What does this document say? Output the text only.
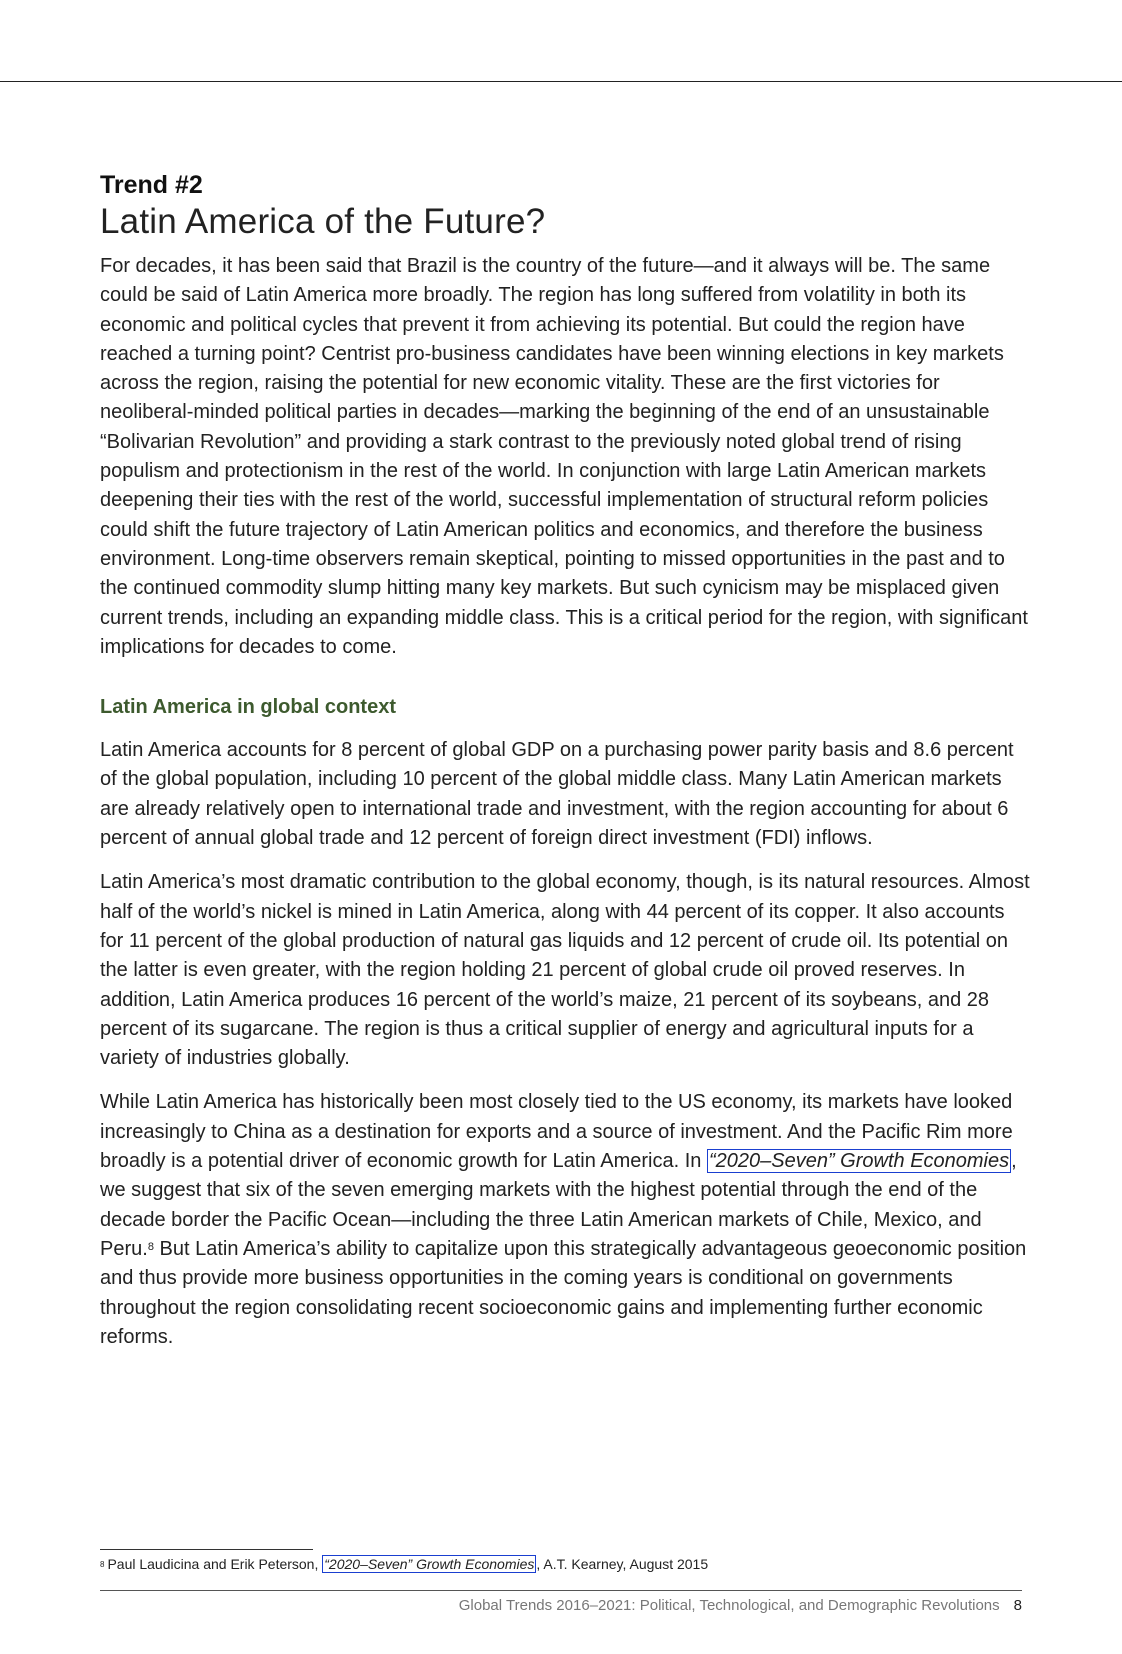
Trend #2
Latin America of the Future?

For decades, it has been said that Brazil is the country of the future—and it always will be. The same could be said of Latin America more broadly. The region has long suffered from volatility in both its economic and political cycles that prevent it from achieving its potential. But could the region have reached a turning point? Centrist pro-business candidates have been winning elections in key markets across the region, raising the potential for new economic vitality. These are the first victories for neoliberal-minded political parties in decades—marking the beginning of the end of an unsustainable “Bolivarian Revolution” and providing a stark contrast to the previously noted global trend of rising populism and protectionism in the rest of the world. In conjunction with large Latin American markets deepening their ties with the rest of the world, successful implementation of structural reform policies could shift the future trajectory of Latin American politics and economics, and therefore the business environment. Long-time observers remain skeptical, pointing to missed opportunities in the past and to the continued commodity slump hitting many key markets. But such cynicism may be misplaced given current trends, including an expanding middle class. This is a critical period for the region, with significant implications for decades to come.

Latin America in global context

Latin America accounts for 8 percent of global GDP on a purchasing power parity basis and 8.6 percent of the global population, including 10 percent of the global middle class. Many Latin American markets are already relatively open to international trade and investment, with the region accounting for about 6 percent of annual global trade and 12 percent of foreign direct investment (FDI) inflows.

Latin America’s most dramatic contribution to the global economy, though, is its natural resources. Almost half of the world’s nickel is mined in Latin America, along with 44 percent of its copper. It also accounts for 11 percent of the global production of natural gas liquids and 12 percent of crude oil. Its potential on the latter is even greater, with the region holding 21 percent of global crude oil proved reserves. In addition, Latin America produces 16 percent of the world’s maize, 21 percent of its soybeans, and 28 percent of its sugarcane. The region is thus a critical supplier of energy and agricultural inputs for a variety of industries globally.

While Latin America has historically been most closely tied to the US economy, its markets have looked increasingly to China as a destination for exports and a source of investment. And the Pacific Rim more broadly is a potential driver of economic growth for Latin America. In “2020–Seven” Growth Economies , we suggest that six of the seven emerging markets with the highest potential through the end of the decade border the Pacific Ocean—including the three Latin American markets of Chile, Mexico, and Peru.$^8$ But Latin America’s ability to capitalize upon this strategically advantageous geoeconomic position and thus provide more business opportunities in the coming years is conditional on governments throughout the region consolidating recent socioeconomic gains and implementing further economic reforms.

$^8$ Paul Laudicina and Erik Peterson, “2020–Seven” Growth Economies , A.T. Kearney, August 2015
Global Trends 2016–2021: Political, Technological, and Demographic Revolutions 8
